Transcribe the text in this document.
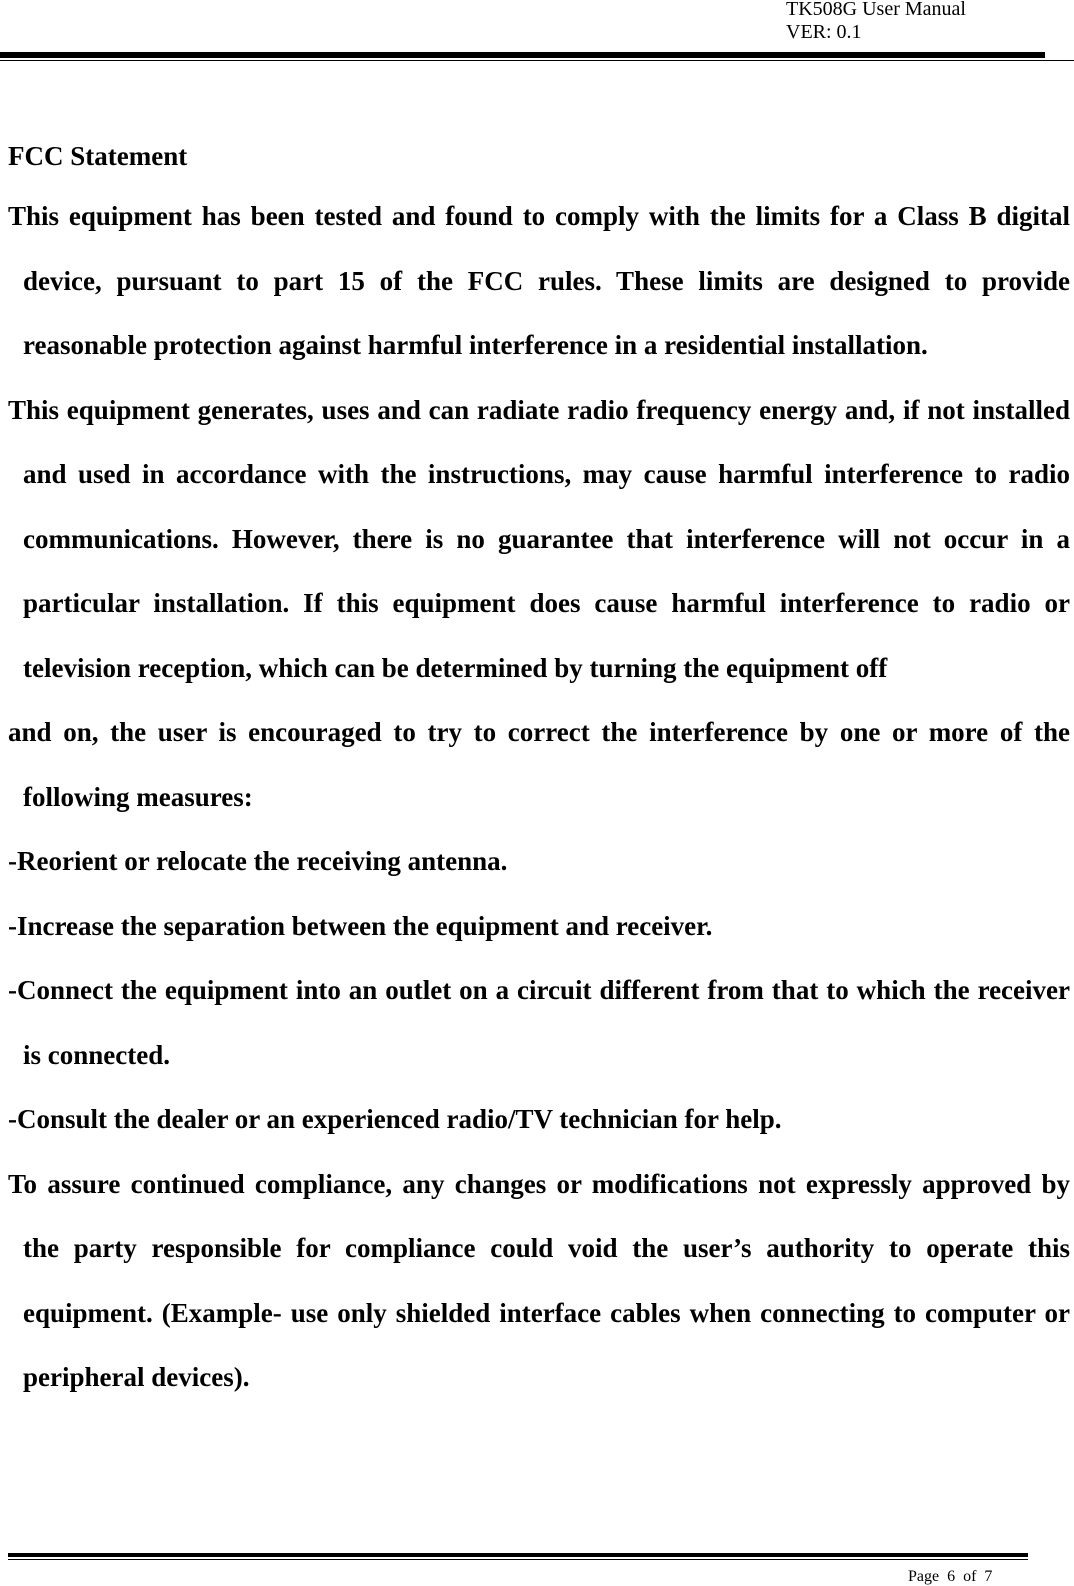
TK508G User Manual
VER: 0.1
FCC Statement

This equipment has been tested and found to comply with the limits for a Class B digital device, pursuant to part 15 of the FCC rules. These limits are designed to provide reasonable protection against harmful interference in a residential installation.

This equipment generates, uses and can radiate radio frequency energy and, if not installed and used in accordance with the instructions, may cause harmful interference to radio communications. However, there is no guarantee that interference will not occur in a particular installation. If this equipment does cause harmful interference to radio or television reception, which can be determined by turning the equipment off

and on, the user is encouraged to try to correct the interference by one or more of the following measures:

-Reorient or relocate the receiving antenna.

-Increase the separation between the equipment and receiver.

-Connect the equipment into an outlet on a circuit different from that to which the receiver is connected.

-Consult the dealer or an experienced radio/TV technician for help.

To assure continued compliance, any changes or modifications not expressly approved by the party responsible for compliance could void the user’s authority to operate this equipment. (Example- use only shielded interface cables when connecting to computer or peripheral devices).

Page  6  of  7
